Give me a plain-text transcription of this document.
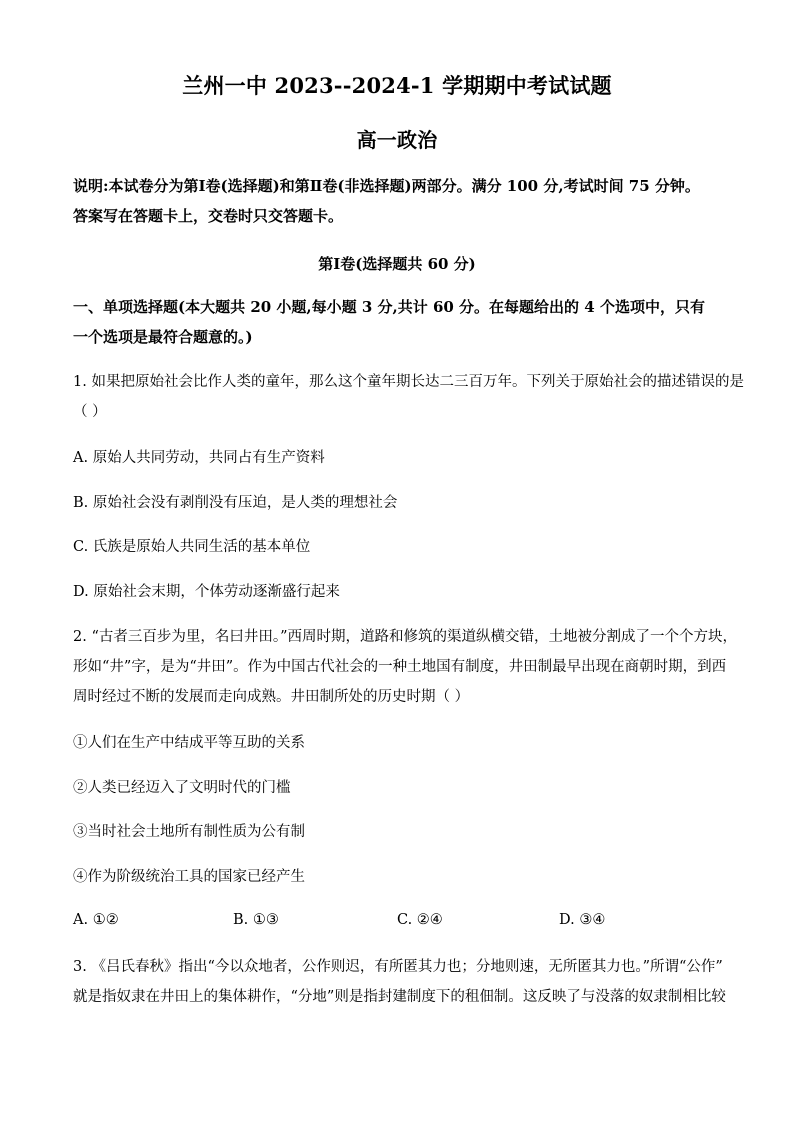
兰州一中 2023--2024-1 学期期中考试试题
高一政治
说明:本试卷分为第Ⅰ卷(选择题)和第Ⅱ卷(非选择题)两部分。满分 100 分,考试时间 75 分钟。
答案写在答题卡上，交卷时只交答题卡。
第Ⅰ卷(选择题共 60 分)
一、单项选择题(本大题共 20 小题,每小题 3 分,共计 60 分。在每题给出的 4 个选项中，只有
一个选项是最符合题意的。)
1. 如果把原始社会比作人类的童年，那么这个童年期长达二三百万年。下列关于原始社会的描述错误的是
（ ）
A. 原始人共同劳动，共同占有生产资料
B. 原始社会没有剥削没有压迫，是人类的理想社会
C. 氏族是原始人共同生活的基本单位
D. 原始社会末期，个体劳动逐渐盛行起来
2. “古者三百步为里，名曰井田。”西周时期，道路和修筑的渠道纵横交错，土地被分割成了一个个方块，
形如“井”字，是为“井田”。作为中国古代社会的一种土地国有制度，井田制最早出现在商朝时期，到西
周时经过不断的发展而走向成熟。井田制所处的历史时期（ ）
①人们在生产中结成平等互助的关系
②人类已经迈入了文明时代的门槛
③当时社会土地所有制性质为公有制
④作为阶级统治工具的国家已经产生
A. ①②	B. ①③	C. ②④	D. ③④
3. 《吕氏春秋》指出“今以众地者，公作则迟，有所匿其力也；分地则速，无所匿其力也。”所谓“公作”
就是指奴隶在井田上的集体耕作，“分地”则是指封建制度下的租佃制。这反映了与没落的奴隶制相比较
